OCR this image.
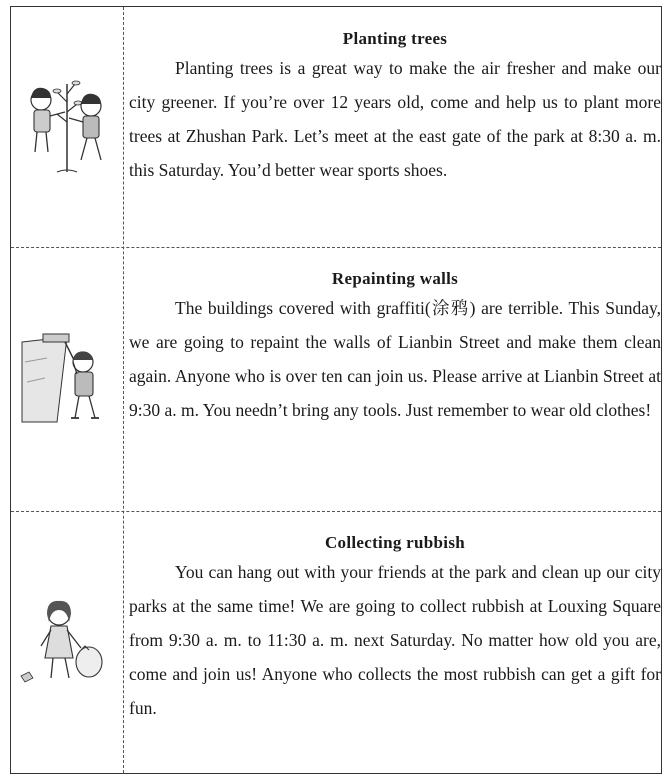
Planting trees

Planting trees is a great way to make the air fresher and make our city greener. If you’re over 12 years old, come and help us to plant more trees at Zhushan Park. Let’s meet at the east gate of the park at 8:30 a. m. this Saturday. You’d better wear sports shoes.

Repainting walls

The buildings covered with graffiti(涂鸦) are terrible. This Sunday, we are going to repaint the walls of Lianbin Street and make them clean again. Anyone who is over ten can join us. Please arrive at Lianbin Street at 9:30 a. m. You needn’t bring any tools. Just remember to wear old clothes!

Collecting rubbish

You can hang out with your friends at the park and clean up our city parks at the same time! We are going to collect rubbish at Louxing Square from 9:30 a. m. to 11:30 a. m. next Saturday. No matter how old you are, come and join us! Anyone who collects the most rubbish can get a gift for fun.
